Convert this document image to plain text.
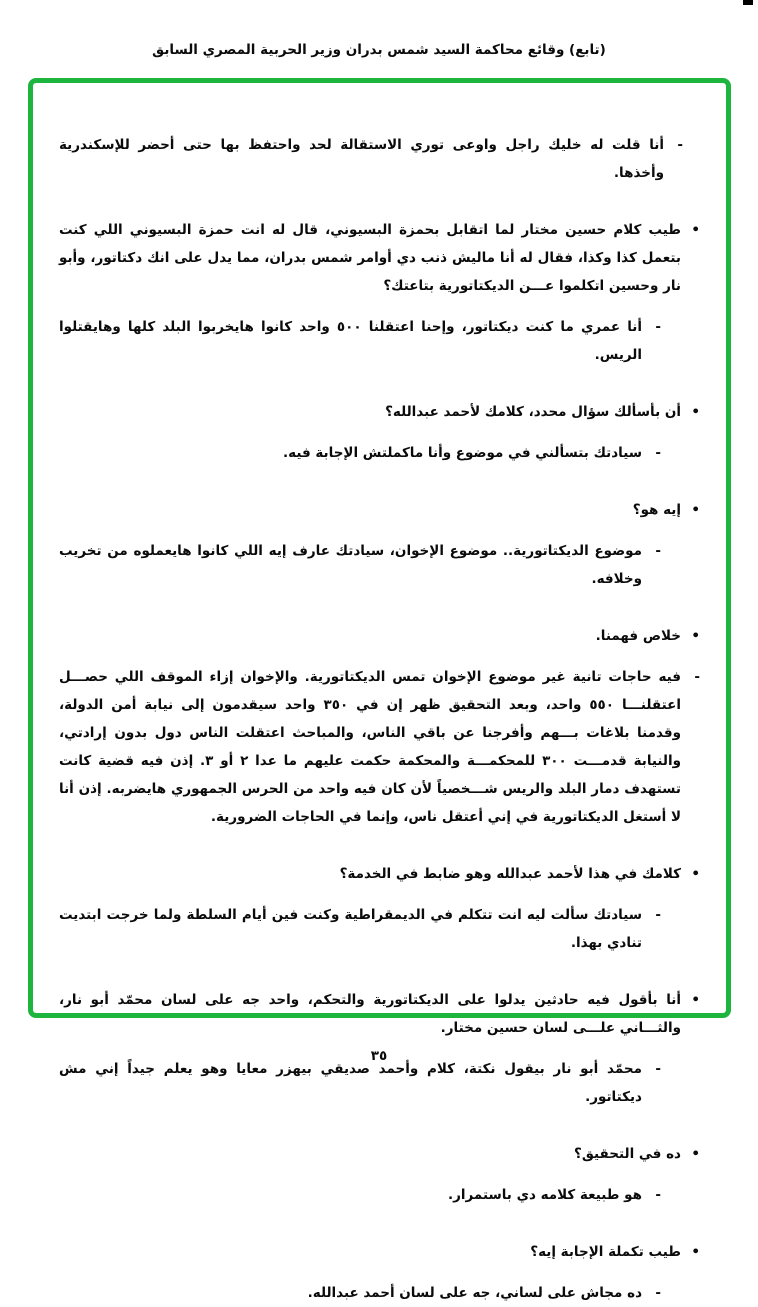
(تابع) وقائع محاكمة السيد شمس بدران وزير الحربية المصري السابق
-
أنا قلت له خليك راجل واوعى توري الاستقالة لحد واحتفظ بها حتى أحضر للإسكندرية وأخذها.
•
طيب كلام حسين مختار لما اتقابل بحمزة البسيوني، قال له انت حمزة البسيوني اللي كنت بتعمل كذا وكذا، فقال له أنا ماليش ذنب دي أوامر شمس بدران، مما يدل على انك دكتاتور، وأبو نار وحسين اتكلموا عـــن الديكتاتورية بتاعتك؟
-
أنا عمري ما كنت ديكتاتور، وإحنا اعتقلنا ٥٠٠ واحد كانوا هايخربوا البلد كلها وهايقتلوا الريس.
•
أن بأسألك سؤال محدد، كلامك لأحمد عبدالله؟
-
سيادتك بتسألني في موضوع وأنا ماكملتش الإجابة فيه.
•
إيه هو؟
-
موضوع الديكتاتورية.. موضوع الإخوان، سيادتك عارف إيه اللي كانوا هايعملوه من تخريب وخلافه.
•
خلاص فهمنا.
-
فيه حاجات تانية غير موضوع الإخوان تمس الديكتاتورية. والإخوان إزاء الموقف اللي حصـــل اعتقلنـــا ٥٥٠ واحد، وبعد التحقيق ظهر إن في ٣٥٠ واحد سيقدمون إلى نيابة أمن الدولة، وقدمنا بلاغات بـــهم وأفرجنا عن باقي الناس، والمباحث اعتقلت الناس دول بدون إرادتي، والنيابة قدمـــت ٣٠٠ للمحكمـــة والمحكمة حكمت عليهم ما عدا ٢ أو ٣. إذن فيه قضية كانت تستهدف دمار البلد والريس شـــخصياً لأن كان فيه واحد من الحرس الجمهوري هايضربه. إذن أنا لا أستغل الديكتاتورية في إني أعتقل ناس، وإنما في الحاجات الضرورية.
•
كلامك في هذا لأحمد عبدالله وهو ضابط في الخدمة؟
-
سيادتك سألت ليه انت تتكلم في الديمقراطية وكنت فين أيام السلطة ولما خرجت ابتديت تنادي بهذا.
•
أنا بأقول فيه حادثين يدلوا على الديكتاتورية والتحكم، واحد جه على لسان محمّد أبو نار، والثـــاني علـــى لسان حسين مختار.
-
محمّد أبو نار بيقول نكتة، كلام وأحمد صديقي بيهزر معايا وهو يعلم جيداً إني مش ديكتاتور.
•
ده في التحقيق؟
-
هو طبيعة كلامه دي باستمرار.
•
طيب تكملة الإجابة إيه؟
-
ده مجاش على لساني، جه على لسان أحمد عبدالله.
٣٥
